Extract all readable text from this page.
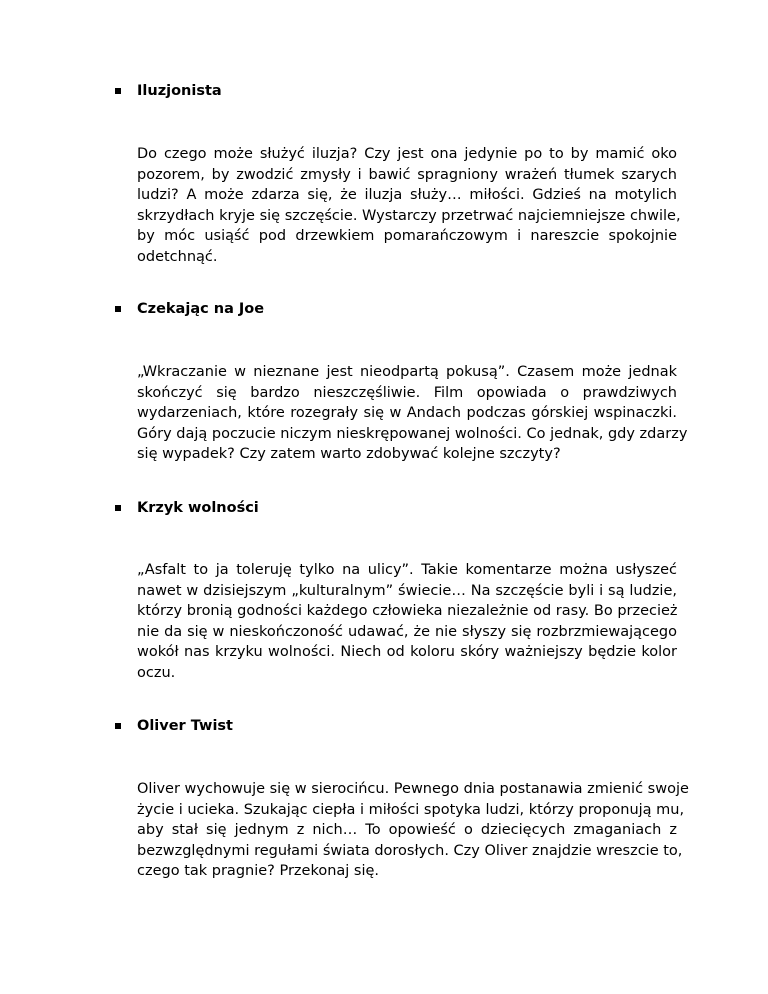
Iluzjonista
Do czego może służyć iluzja? Czy jest ona jedynie po to by mamić oko
pozorem, by zwodzić zmysły i bawić spragniony wrażeń tłumek szarych
ludzi? A może zdarza się, że iluzja służy… miłości. Gdzieś na motylich
skrzydłach kryje się szczęście. Wystarczy przetrwać najciemniejsze chwile,
by móc usiąść pod drzewkiem pomarańczowym i nareszcie spokojnie
odetchnąć.
Czekając na Joe
„Wkraczanie w nieznane jest nieodpartą pokusą”. Czasem może jednak
skończyć się bardzo nieszczęśliwie. Film opowiada o prawdziwych
wydarzeniach, które rozegrały się w Andach podczas górskiej wspinaczki.
Góry dają poczucie niczym nieskrępowanej wolności. Co jednak, gdy zdarzy
się wypadek? Czy zatem warto zdobywać kolejne szczyty?
Krzyk wolności
„Asfalt to ja toleruję tylko na ulicy”. Takie komentarze można usłyszeć
nawet w dzisiejszym „kulturalnym” świecie… Na szczęście byli i są ludzie,
którzy bronią godności każdego człowieka niezależnie od rasy. Bo przecież
nie da się w nieskończoność udawać, że nie słyszy się rozbrzmiewającego
wokół nas krzyku wolności. Niech od koloru skóry ważniejszy będzie kolor
oczu.
Oliver Twist
Oliver wychowuje się w sierocińcu. Pewnego dnia postanawia zmienić swoje
życie i ucieka. Szukając ciepła i miłości spotyka ludzi, którzy proponują mu,
aby stał się jednym z nich… To opowieść o dziecięcych zmaganiach z
bezwzględnymi regułami świata dorosłych. Czy Oliver znajdzie wreszcie to,
czego tak pragnie? Przekonaj się.
